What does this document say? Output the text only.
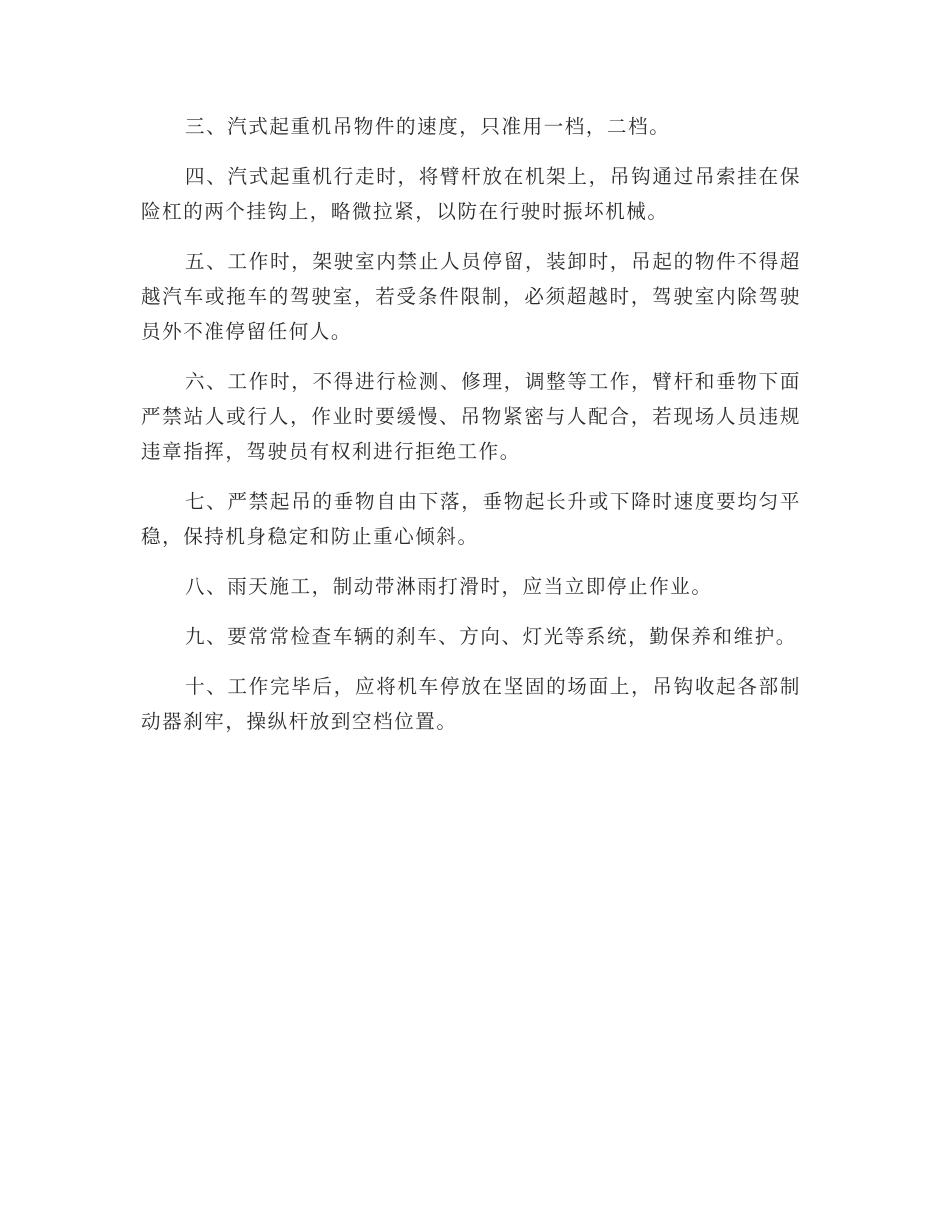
三、汽式起重机吊物件的速度，只准用一档，二档。

四、汽式起重机行走时，将臂杆放在机架上，吊钩通过吊索挂在保险杠的两个挂钩上，略微拉紧，以防在行驶时振坏机械。

五、工作时，架驶室内禁止人员停留，装卸时，吊起的物件不得超越汽车或拖车的驾驶室，若受条件限制，必须超越时，驾驶室内除驾驶员外不准停留任何人。

六、工作时，不得进行检测、修理，调整等工作，臂杆和垂物下面严禁站人或行人，作业时要缓慢、吊物紧密与人配合，若现场人员违规违章指挥，驾驶员有权利进行拒绝工作。

七、严禁起吊的垂物自由下落，垂物起长升或下降时速度要均匀平稳，保持机身稳定和防止重心倾斜。

八、雨天施工，制动带淋雨打滑时，应当立即停止作业。

九、要常常检查车辆的刹车、方向、灯光等系统，勤保养和维护。

十、工作完毕后，应将机车停放在坚固的场面上，吊钩收起各部制动器刹牢，操纵杆放到空档位置。
